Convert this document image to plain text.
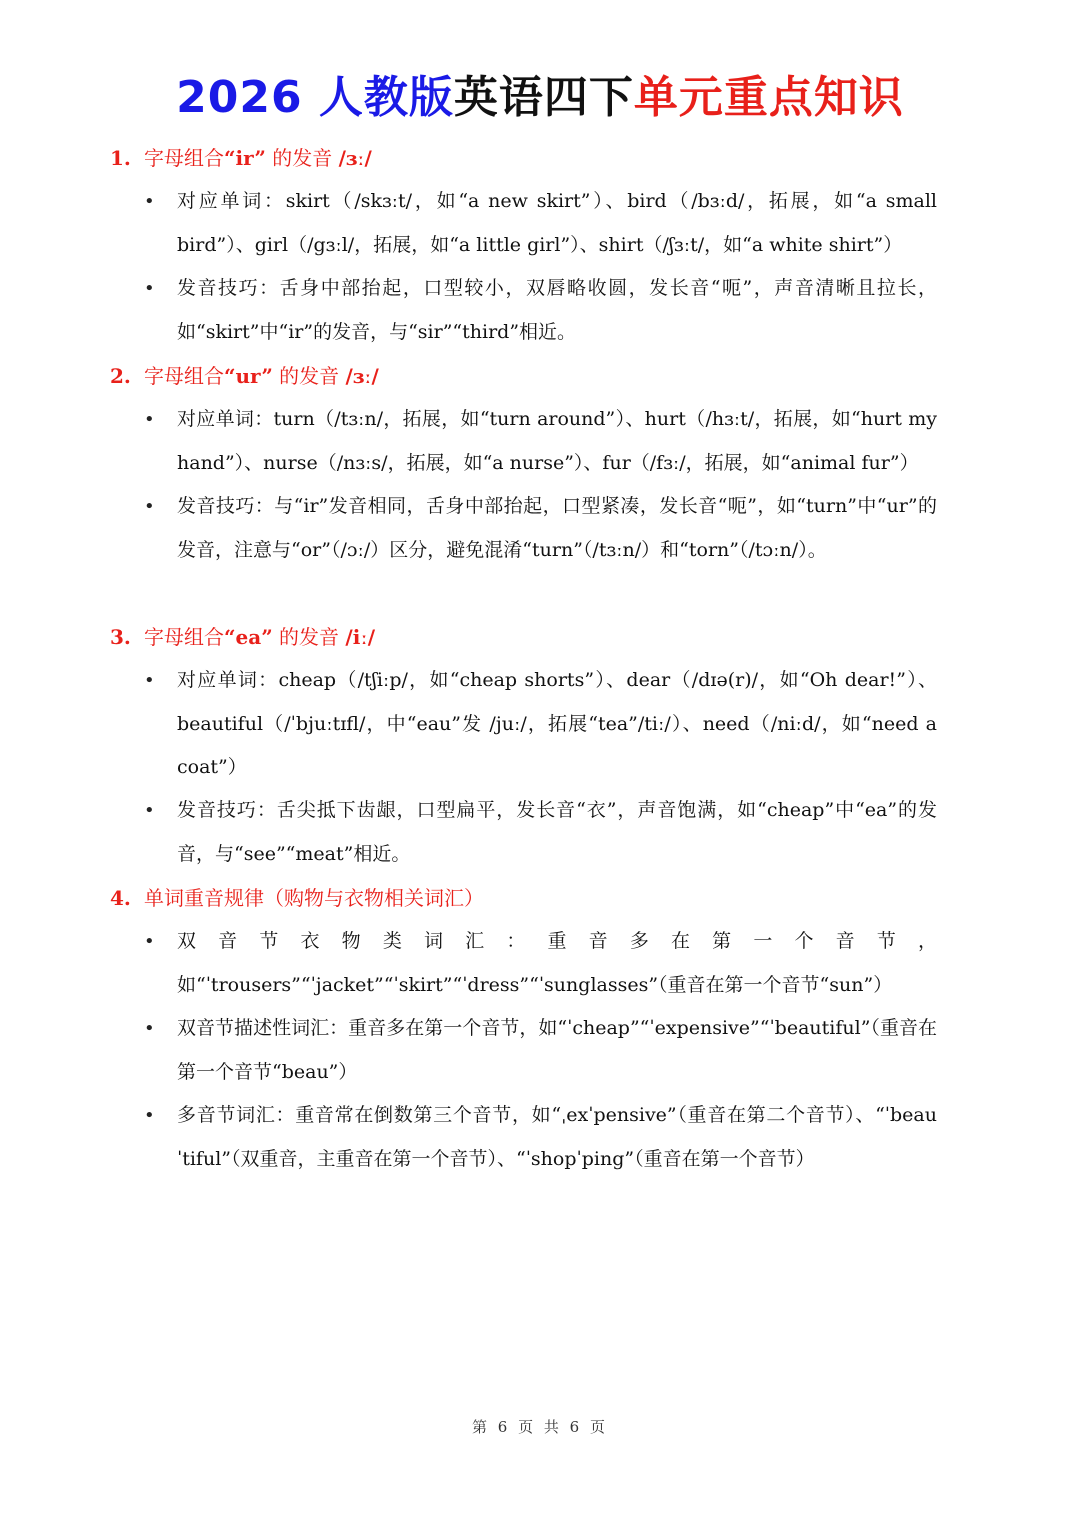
2026 人教版英语四下单元重点知识
1. 字母组合“ir” 的发音 /ɜː/
• 对应单词：skirt（/skɜːt/，如“a new skirt”）、bird（/bɜːd/，拓展，如“a small bird”）、girl（/gɜːl/，拓展，如“a little girl”）、shirt（/ʃɜːt/，如“a white shirt”）
• 发音技巧：舌身中部抬起，口型较小，双唇略收圆，发长音“呃”，声音清晰且拉长，如“skirt”中“ir”的发音，与“sir”“third”相近。
2. 字母组合“ur” 的发音 /ɜː/
• 对应单词：turn（/tɜːn/，拓展，如“turn around”）、hurt（/hɜːt/，拓展，如“hurt my hand”）、nurse（/nɜːs/，拓展，如“a nurse”）、fur（/fɜː/，拓展，如“animal fur”）
• 发音技巧：与“ir”发音相同，舌身中部抬起，口型紧凑，发长音“呃”，如“turn”中“ur”的发音，注意与“or”（/ɔː/）区分，避免混淆“turn”（/tɜːn/）和“torn”（/tɔːn/）。
3. 字母组合“ea” 的发音 /iː/
• 对应单词：cheap（/tʃiːp/，如“cheap shorts”）、dear（/dɪə(r)/，如“Oh dear!”）、beautiful（/ˈbjuːtɪfl/，中“eau”发 /juː/，拓展“tea”/tiː/）、need（/niːd/，如“need a coat”）
• 发音技巧：舌尖抵下齿龈，口型扁平，发长音“衣”，声音饱满，如“cheap”中“ea”的发音，与“see”“meat”相近。
4. 单词重音规律（购物与衣物相关词汇）
• 双音节衣物类词汇：重音多在第一个音节，如“ˈtrousers”“ˈjacket”“ˈskirt”“ˈdress”“ˈsunglasses”（重音在第一个音节“sun”）
• 双音节描述性词汇：重音多在第一个音节，如“ˈcheap”“ˈexpensive”“ˈbeautiful”（重音在第一个音节“beau”）
• 多音节词汇：重音常在倒数第三个音节，如“ˌexˈpensive”（重音在第二个音节）、“ˈbeauˈtiful”（双重音，主重音在第一个音节）、“ˈshopˈping”（重音在第一个音节）
第 6 页 共 6 页
